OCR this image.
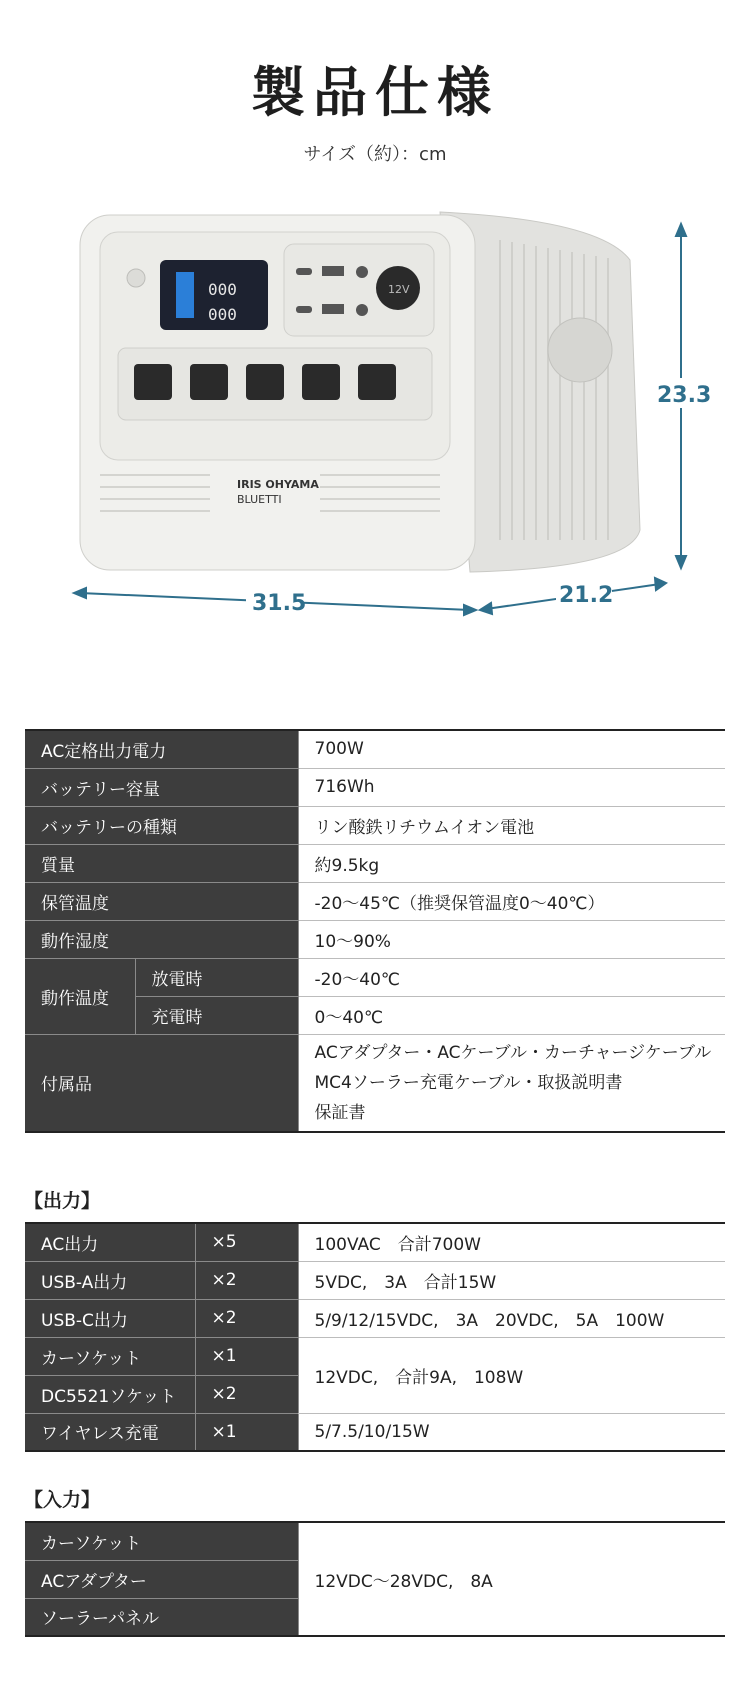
製品仕様
サイズ（約）：cm
000
000
12V
IRIS OHYAMA
BLUETTI
23.3
31.5	21.2
AC定格出力電力		700W
バッテリー容量		716Wh
バッテリーの種類		リン酸鉄リチウムイオン電池
質量		約9.5kg
保管温度		-20～45℃（推奨保管温度0～40℃）
動作湿度		10～90%
動作温度	放電時	-20～40℃
	充電時	0～40℃
付属品		ACアダプター・ACケーブル・カーチャージケーブル
MC4ソーラー充電ケーブル・取扱説明書
保証書
【出力】
AC出力	×5	100VAC　合計700W
USB-A出力	×2	5VDC,　3A　合計15W
USB-C出力	×2	5/9/12/15VDC,　3A　20VDC,　5A　100W
カーソケット	×1	12VDC,　合計9A,　108W
DC5521ソケット	×2	
ワイヤレス充電	×1	5/7.5/10/15W
【入力】
カーソケット	12VDC～28VDC,　8A
ACアダプター
ソーラーパネル
